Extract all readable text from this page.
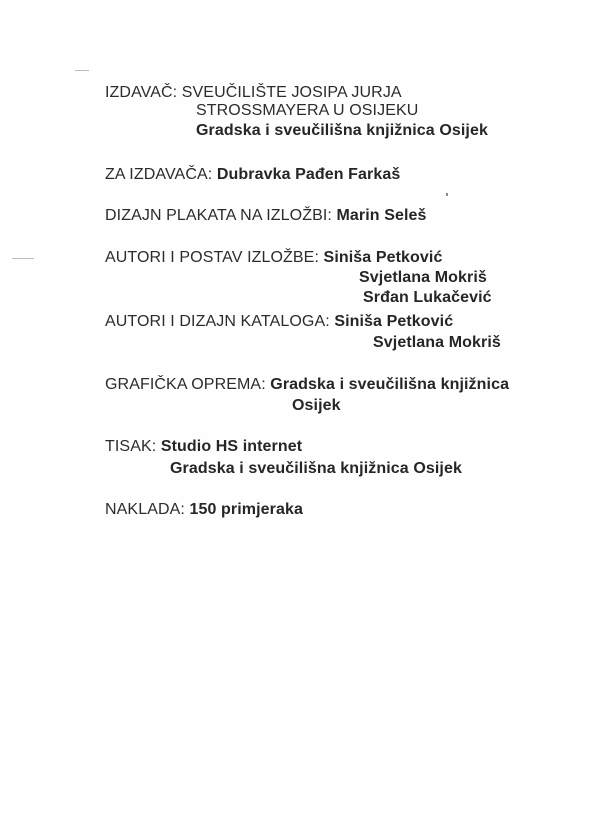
IZDAVAČ: SVEUČILIŠTE JOSIPA JURJA
STROSSMAYERA U OSIJEKU
Gradska i sveučilišna knjižnica Osijek
ZA IZDAVAČA: Dubravka Pađen Farkaš
DIZAJN PLAKATA NA IZLOŽBI: Marin Seleš
AUTORI I POSTAV IZLOŽBE: Siniša Petković
Svjetlana Mokriš
Srđan Lukačević
AUTORI I DIZAJN KATALOGA: Siniša Petković
Svjetlana Mokriš
GRAFIČKA OPREMA: Gradska i sveučilišna knjižnica
Osijek
TISAK: Studio HS internet
Gradska i sveučilišna knjižnica Osijek
NAKLADA: 150 primjeraka
